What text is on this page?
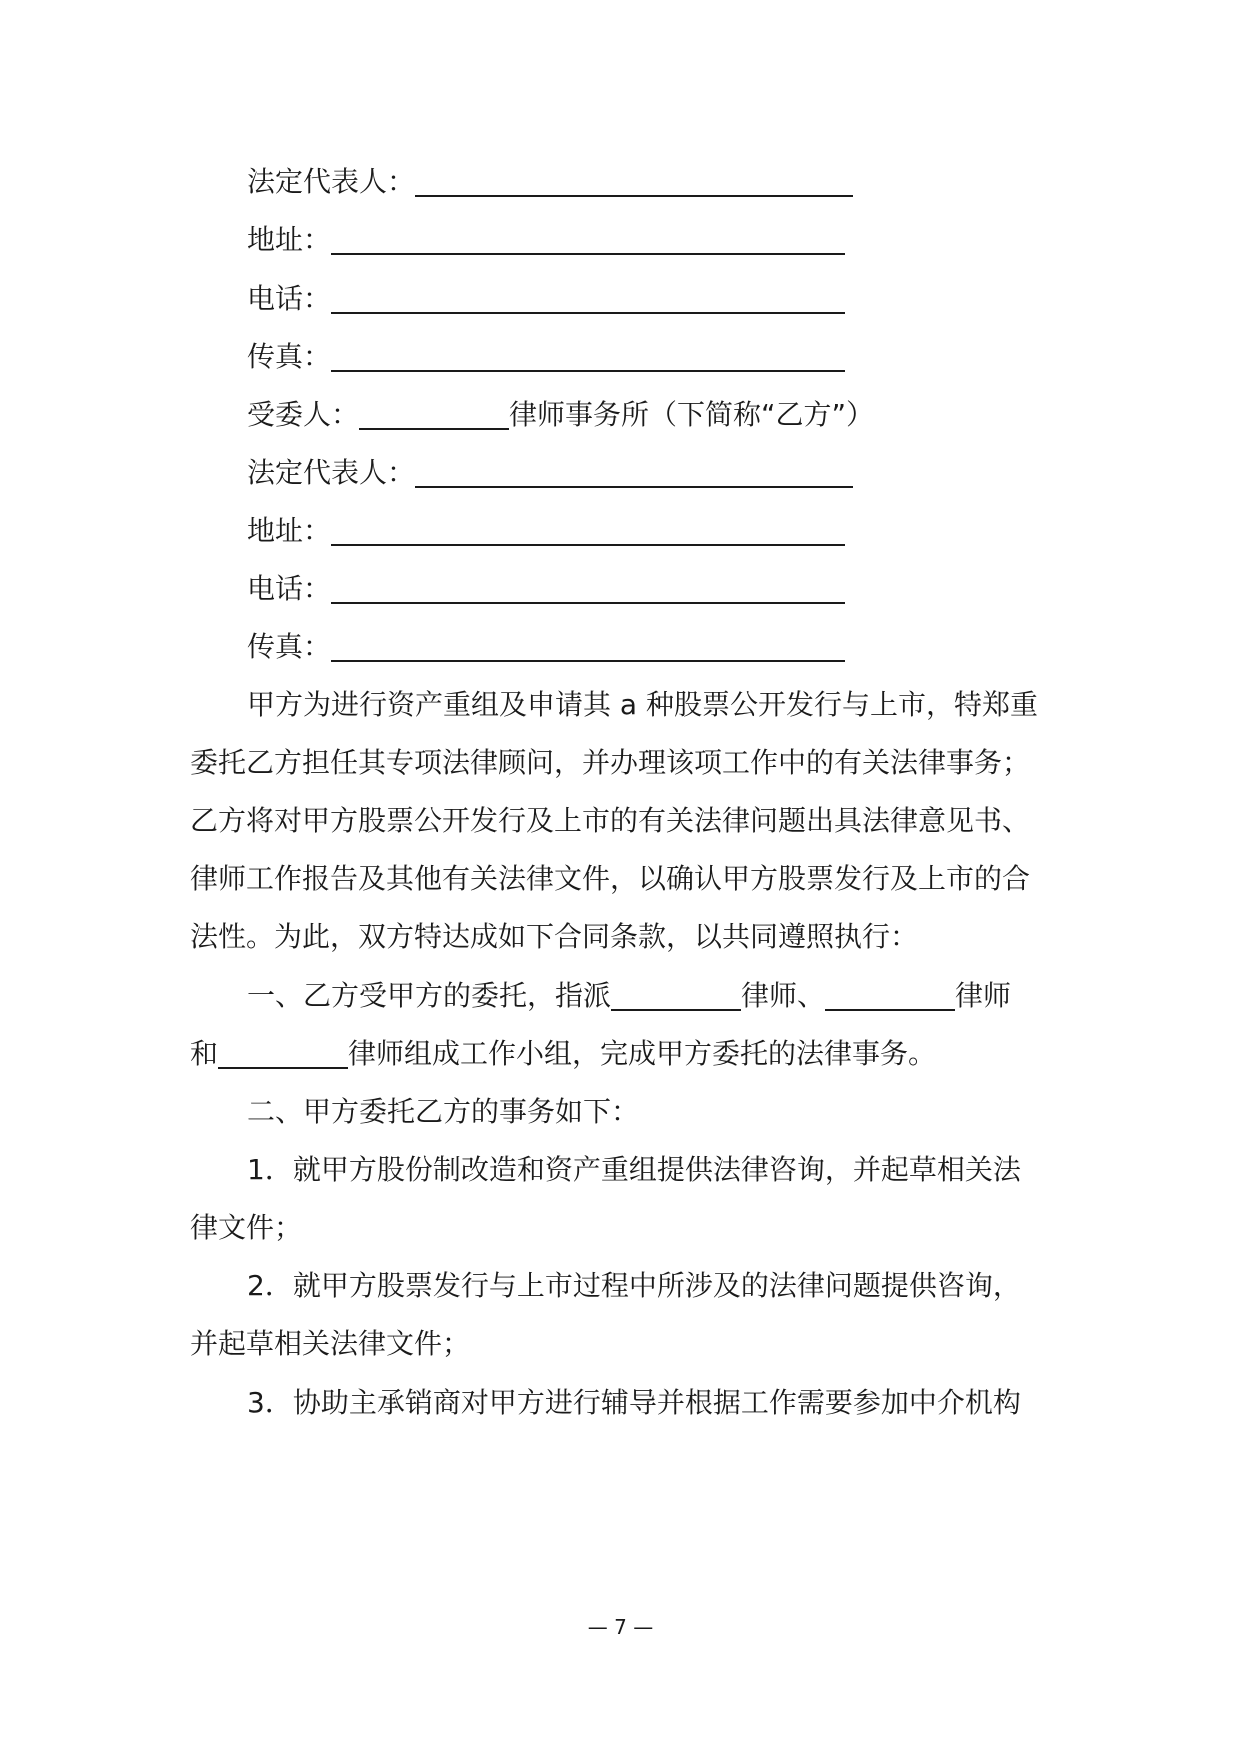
法定代表人：
地址：
电话：
传真：
受委人：	律师事务所（下简称“乙方”）
法定代表人：
地址：
电话：
传真：
甲方为进行资产重组及申请其 a 种股票公开发行与上市，特郑重
委托乙方担任其专项法律顾问，并办理该项工作中的有关法律事务；
乙方将对甲方股票公开发行及上市的有关法律问题出具法律意见书、
律师工作报告及其他有关法律文件，以确认甲方股票发行及上市的合
法性。为此，双方特达成如下合同条款，以共同遵照执行：
一、乙方受甲方的委托，指派	律师、	律师
和	律师组成工作小组，完成甲方委托的法律事务。
二、甲方委托乙方的事务如下：
1．就甲方股份制改造和资产重组提供法律咨询，并起草相关法
律文件；
2．就甲方股票发行与上市过程中所涉及的法律问题提供咨询，
并起草相关法律文件；
3．协助主承销商对甲方进行辅导并根据工作需要参加中介机构
— 7 —
